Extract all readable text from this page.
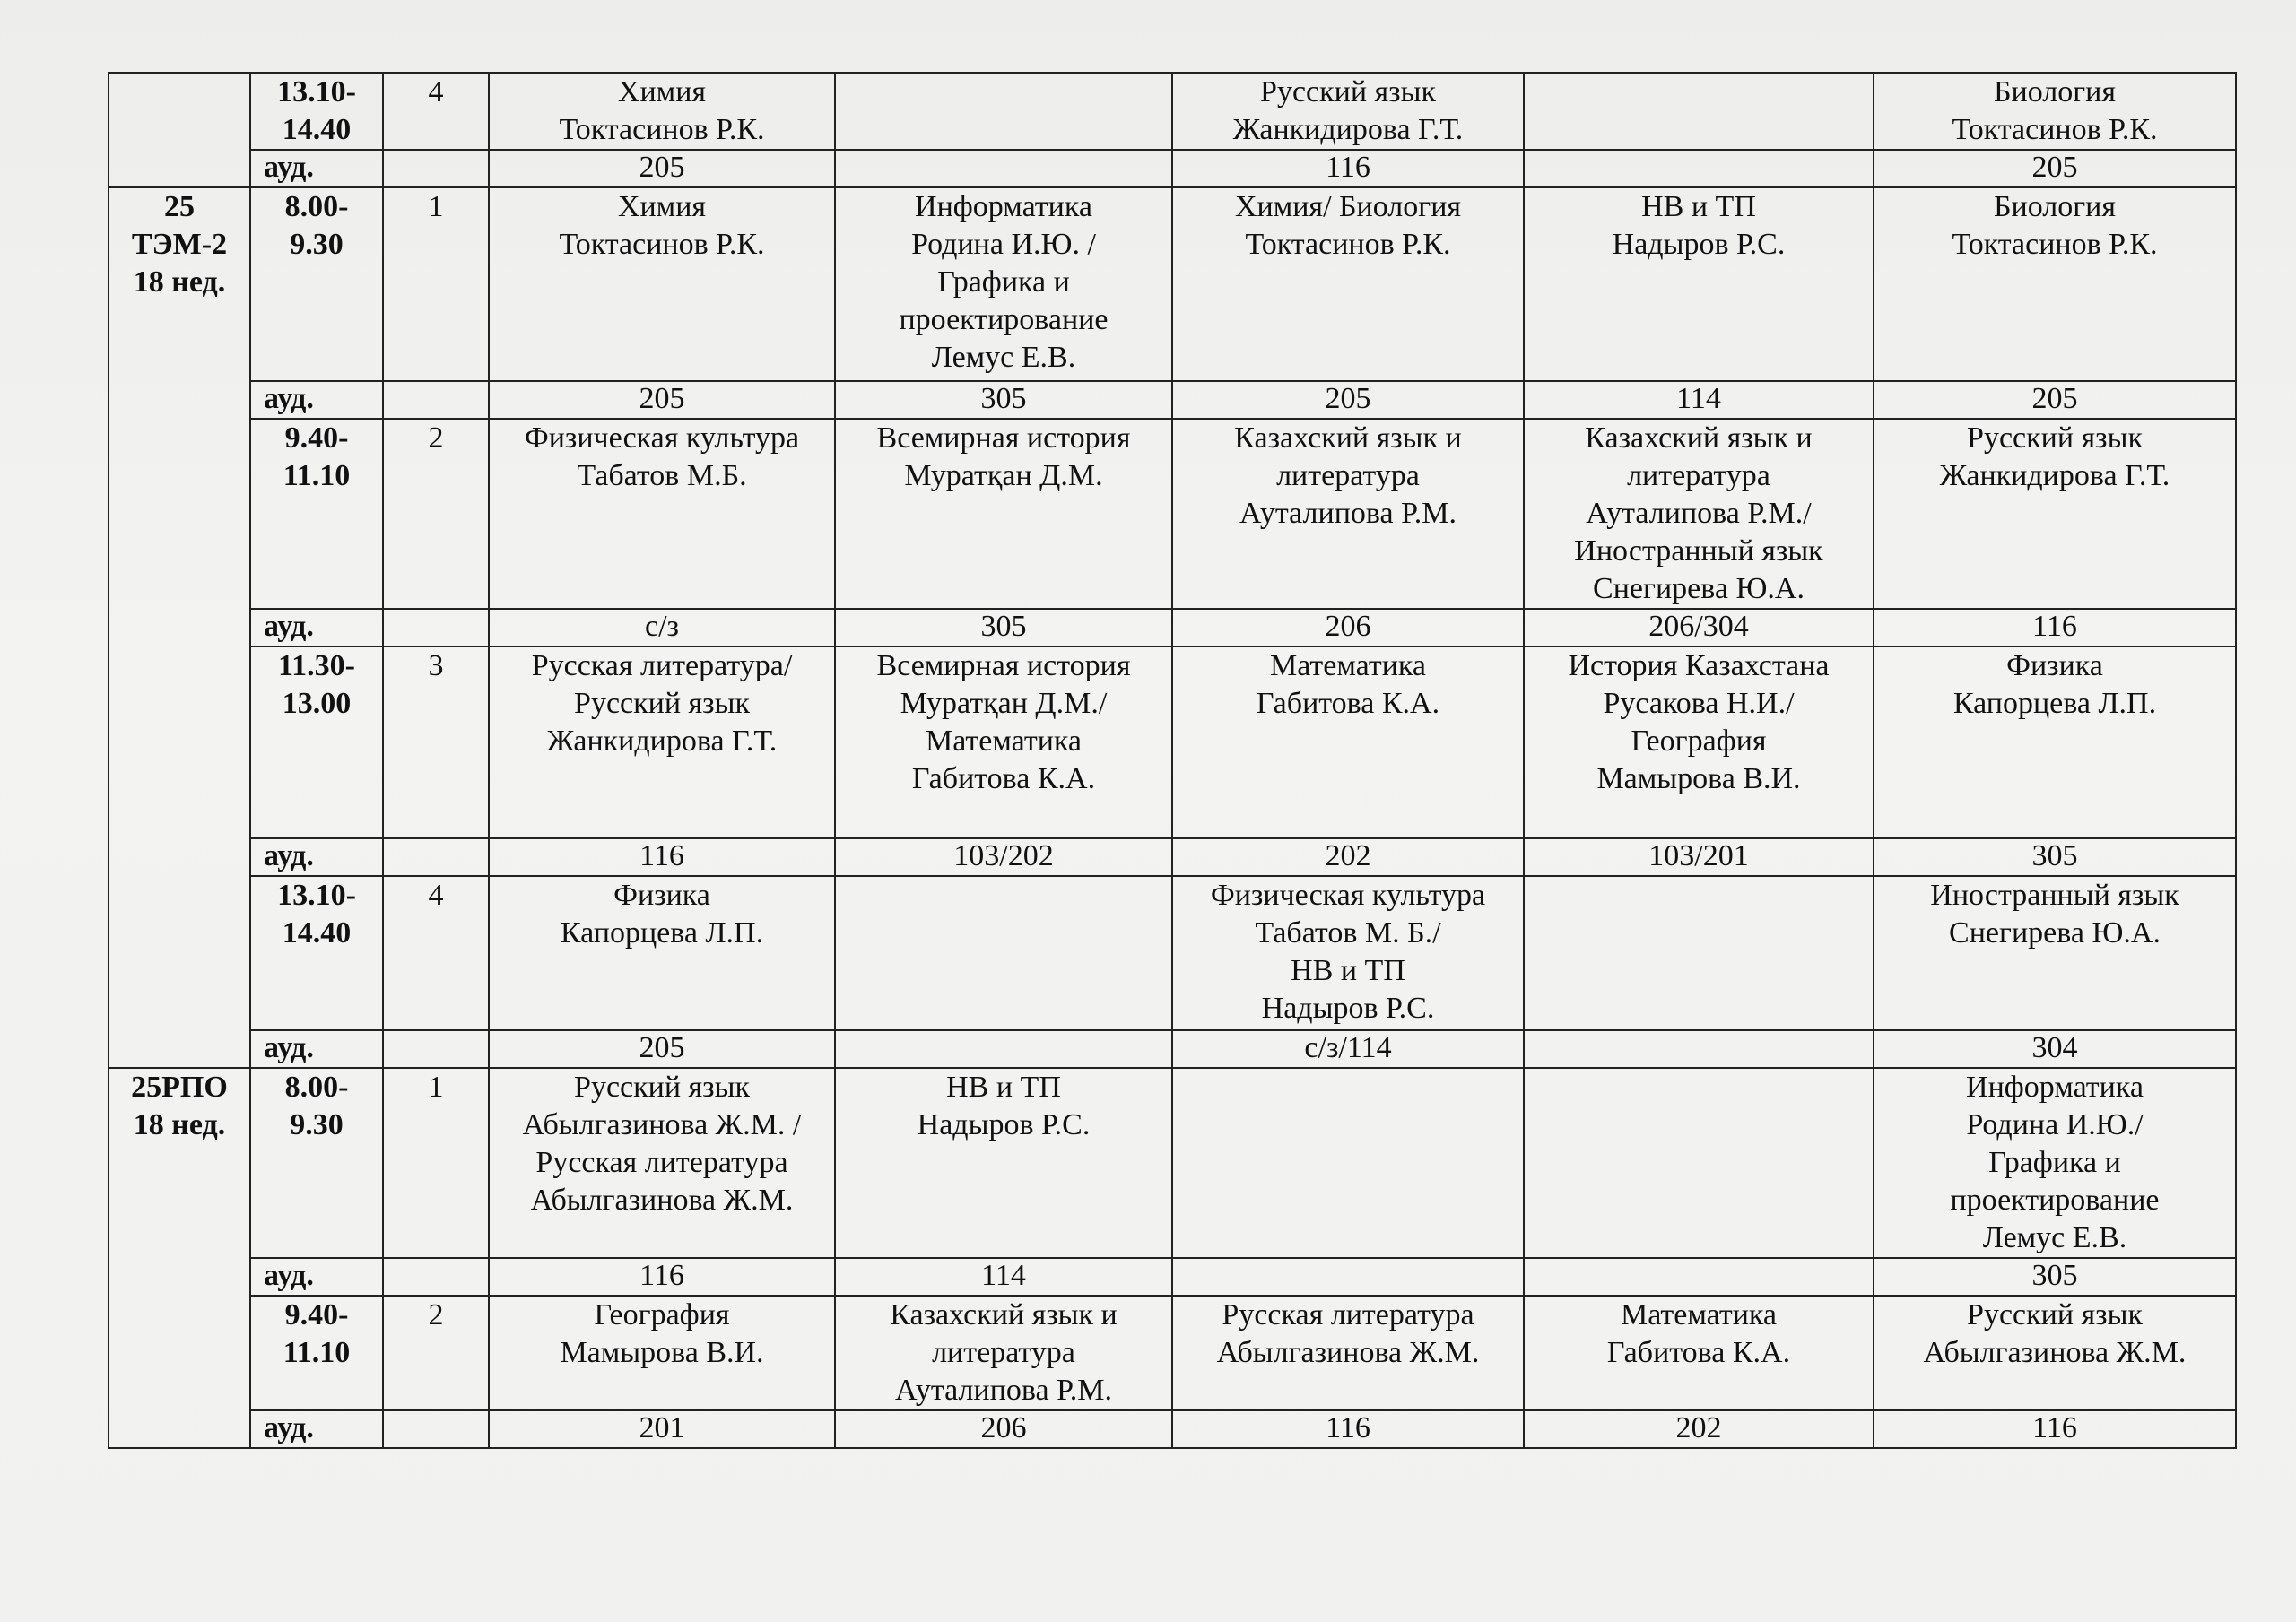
	13.10-
14.40	4	Химия
Токтасинов Р.К.		Русский язык
Жанкидирова Г.Т.		Биология
Токтасинов Р.К.
	ауд.		205		116		205
25
ТЭМ-2
18 нед.	8.00-
9.30	1	Химия
Токтасинов Р.К.	Информатика
Родина И.Ю. /
Графика и
проектирование
Лемус Е.В.	Химия/ Биология
Токтасинов Р.К.	НВ и ТП
Надыров Р.С.	Биология
Токтасинов Р.К.
	ауд.		205	305	205	114	205
	9.40-
11.10	2	Физическая культура
Табатов М.Б.	Всемирная история
Муратқан Д.М.	Казахский язык и
литература
Ауталипова Р.М.	Казахский язык и
литература
Ауталипова Р.М./
Иностранный язык
Снегирева Ю.А.	Русский язык
Жанкидирова Г.Т.
	ауд.		с/з	305	206	206/304	116
	11.30-
13.00	3	Русская литература/
Русский язык
Жанкидирова Г.Т.	Всемирная история
Муратқан Д.М./
Математика
Габитова К.А.	Математика
Габитова К.А.	История Казахстана
Русакова Н.И./
География
Мамырова В.И.	Физика
Капорцева Л.П.
	ауд.		116	103/202	202	103/201	305
	13.10-
14.40	4	Физика
Капорцева Л.П.		Физическая культура
Табатов М. Б./
НВ и ТП
Надыров Р.С.		Иностранный язык
Снегирева Ю.А.
	ауд.		205		с/з/114		304
25РПО
18 нед.	8.00-
9.30	1	Русский язык
Абылгазинова Ж.М. /
Русская литература
Абылгазинова Ж.М.	НВ и ТП
Надыров Р.С.			Информатика
Родина И.Ю./
Графика и
проектирование
Лемус Е.В.
	ауд.		116	114			305
	9.40-
11.10	2	География
Мамырова В.И.	Казахский язык и
литература
Ауталипова Р.М.	Русская литература
Абылгазинова Ж.М.	Математика
Габитова К.А.	Русский язык
Абылгазинова Ж.М.
	ауд.		201	206	116	202	116
